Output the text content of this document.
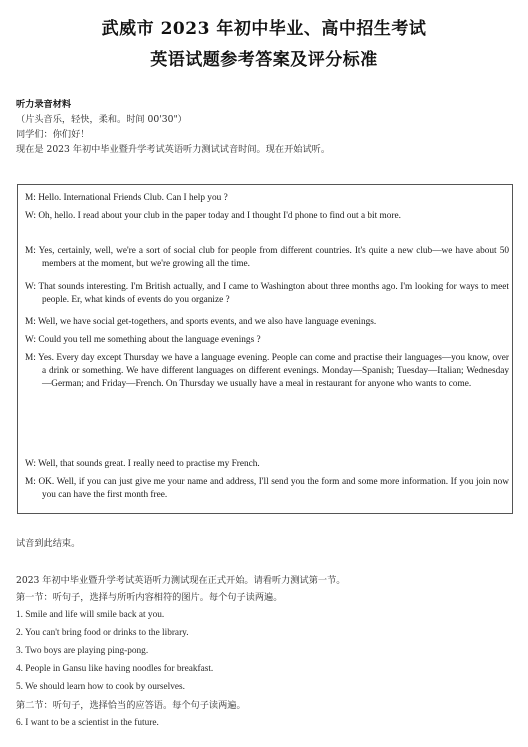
武威市 2023 年初中毕业、高中招生考试
英语试题参考答案及评分标准
听力录音材料
（片头音乐，轻快，柔和。时间 00'30"）
同学们：你们好！
现在是 2023 年初中毕业暨升学考试英语听力测试试音时间。现在开始试听。
M: Hello. International Friends Club. Can I help you ?
W: Oh, hello. I read about your club in the paper today and I thought I'd phone to find out a bit more.
M: Yes, certainly, well, we're a sort of social club for people from different countries. It's quite a new club—we have about 50 members at the moment, but we're growing all the time.
W: That sounds interesting. I'm British actually, and I came to Washington about three months ago. I'm looking for ways to meet people. Er, what kinds of events do you organize ?
M: Well, we have social get-togethers, and sports events, and we also have language evenings.
W: Could you tell me something about the language evenings ?
M: Yes. Every day except Thursday we have a language evening. People can come and practise their languages—you know, over a drink or something. We have different languages on different evenings. Monday—Spanish; Tuesday—Italian; Wednesday—German; and Friday—French. On Thursday we usually have a meal in restaurant for anyone who wants to come.
W: Well, that sounds great. I really need to practise my French.
M: OK. Well, if you can just give me your name and address, I'll send you the form and some more information. If you join now you can have the first month free.
试音到此结束。
2023 年初中毕业暨升学考试英语听力测试现在正式开始。请看听力测试第一节。
第一节：听句子，选择与所听内容相符的图片。每个句子读两遍。
1. Smile and life will smile back at you.
2. You can't bring food or drinks to the library.
3. Two boys are playing ping-pong.
4. People in Gansu like having noodles for breakfast.
5. We should learn how to cook by ourselves.
第二节：听句子，选择恰当的应答语。每个句子读两遍。
6. I want to be a scientist in the future.
